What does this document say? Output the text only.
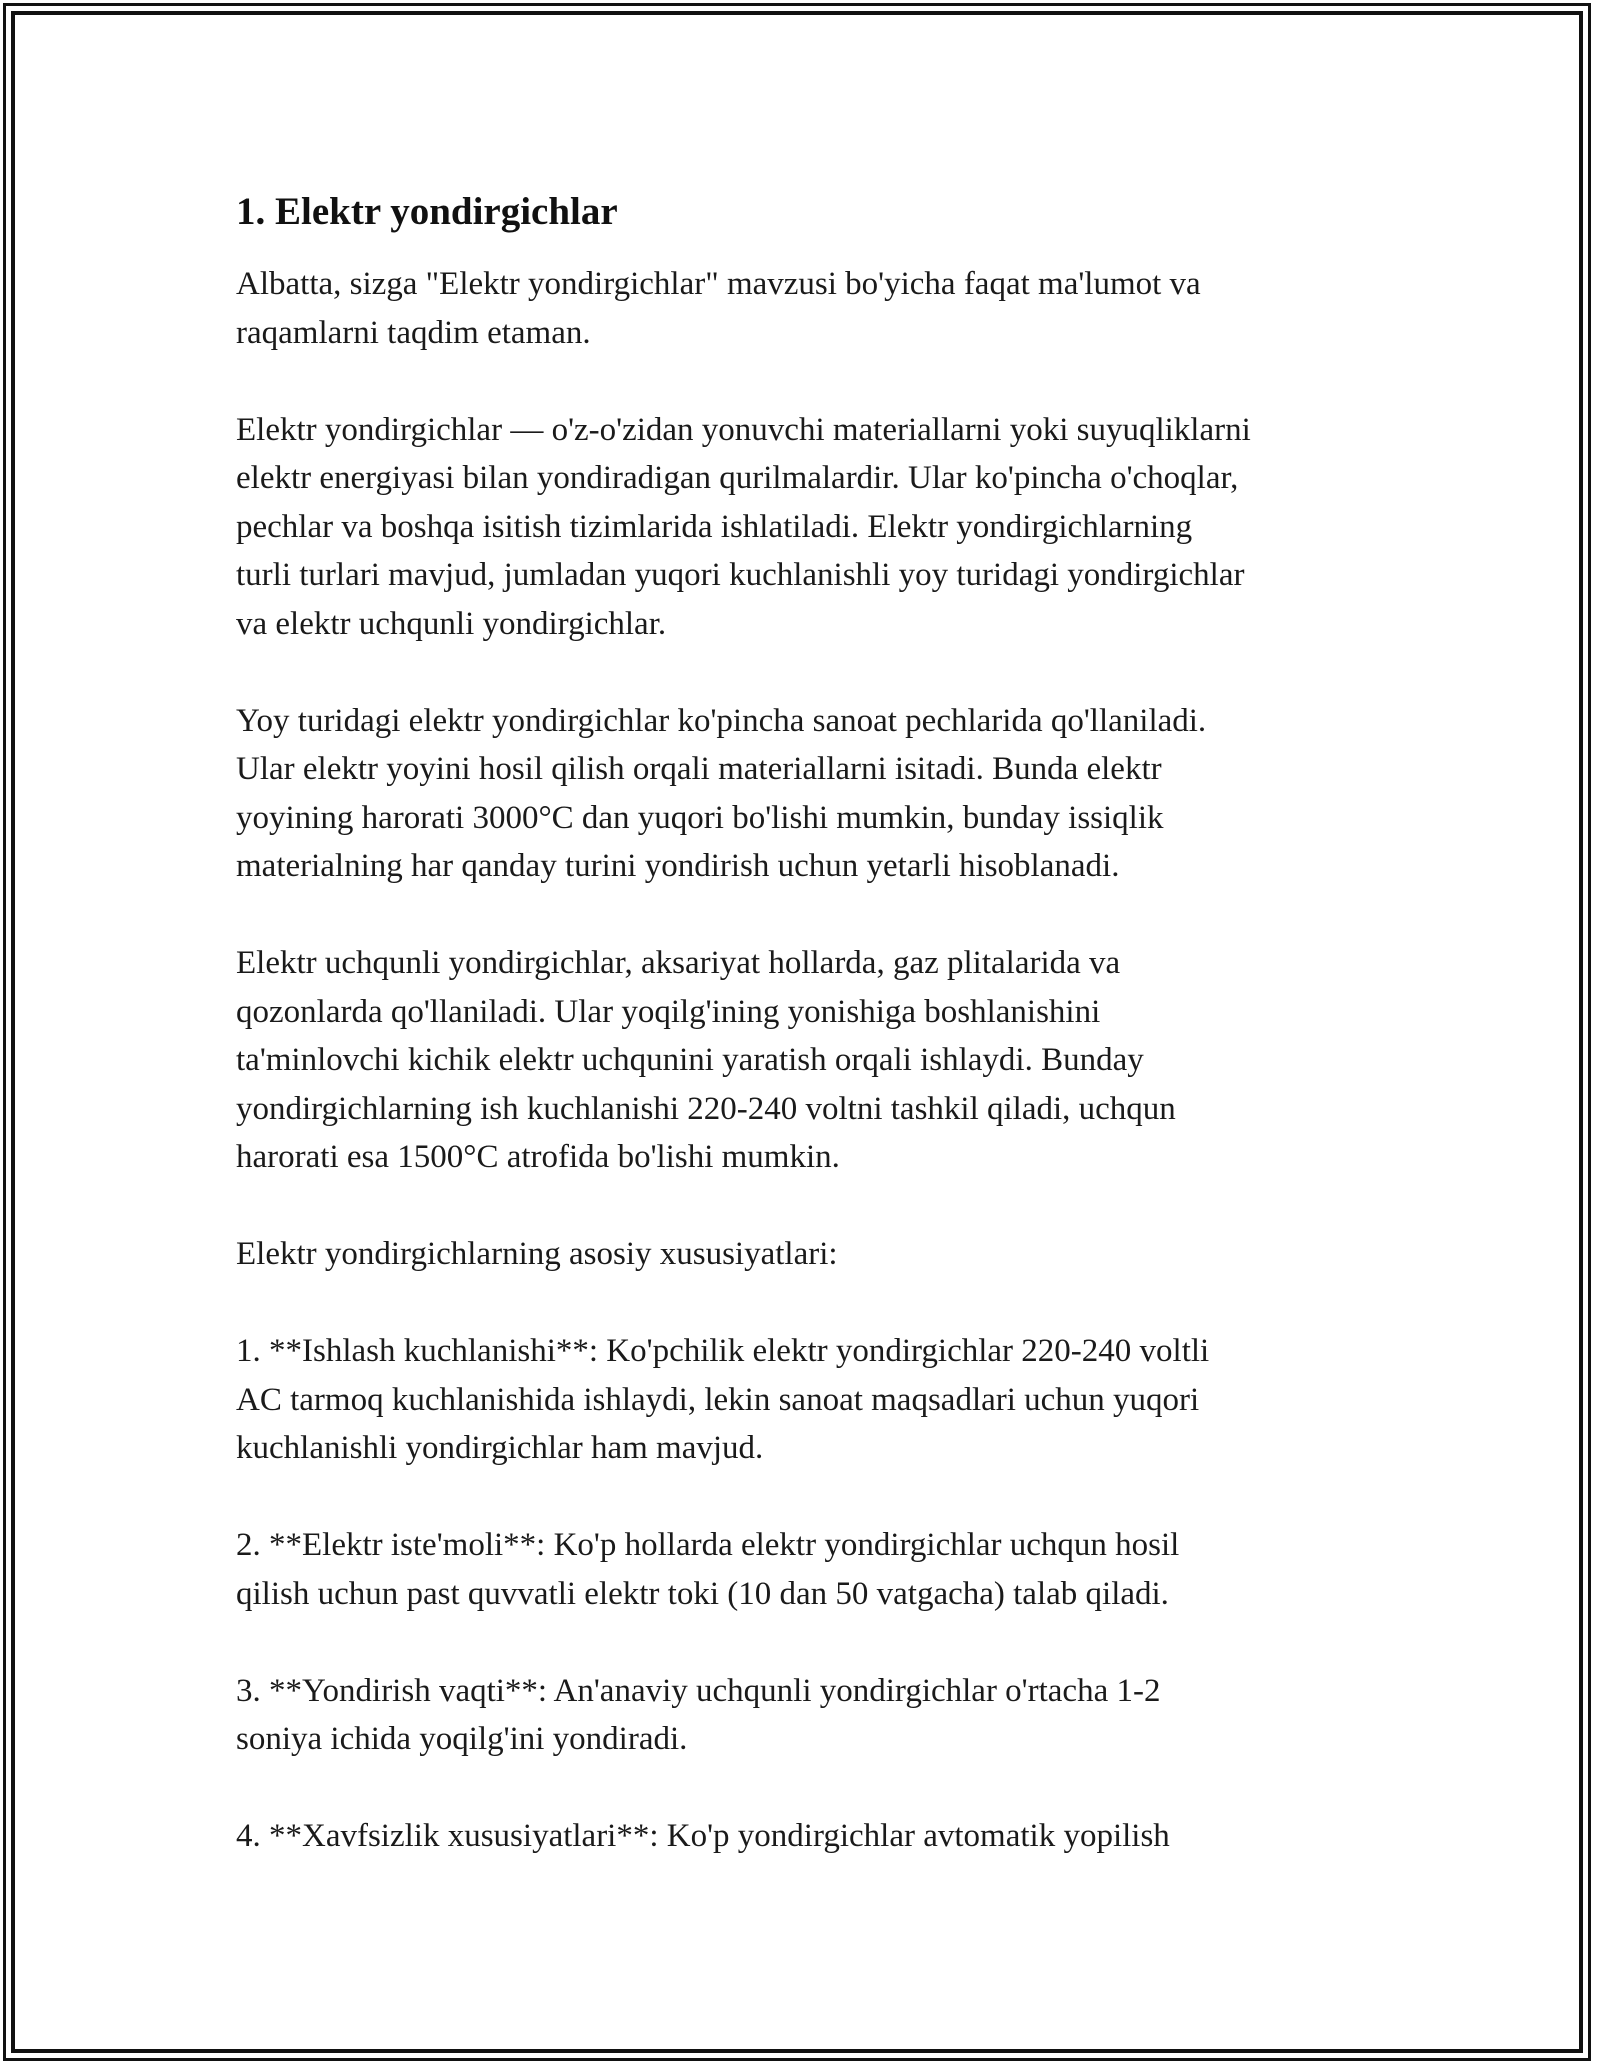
1. Elektr yondirgichlar

Albatta, sizga "Elektr yondirgichlar" mavzusi bo'yicha faqat ma'lumot va
raqamlarni taqdim etaman.

Elektr yondirgichlar — o'z-o'zidan yonuvchi materiallarni yoki suyuqliklarni
elektr energiyasi bilan yondiradigan qurilmalardir. Ular ko'pincha o'choqlar,
pechlar va boshqa isitish tizimlarida ishlatiladi. Elektr yondirgichlarning
turli turlari mavjud, jumladan yuqori kuchlanishli yoy turidagi yondirgichlar
va elektr uchqunli yondirgichlar.

Yoy turidagi elektr yondirgichlar ko'pincha sanoat pechlarida qo'llaniladi.
Ular elektr yoyini hosil qilish orqali materiallarni isitadi. Bunda elektr
yoyining harorati 3000°C dan yuqori bo'lishi mumkin, bunday issiqlik
materialning har qanday turini yondirish uchun yetarli hisoblanadi.

Elektr uchqunli yondirgichlar, aksariyat hollarda, gaz plitalarida va
qozonlarda qo'llaniladi. Ular yoqilg'ining yonishiga boshlanishini
ta'minlovchi kichik elektr uchqunini yaratish orqali ishlaydi. Bunday
yondirgichlarning ish kuchlanishi 220-240 voltni tashkil qiladi, uchqun
harorati esa 1500°C atrofida bo'lishi mumkin.

Elektr yondirgichlarning asosiy xususiyatlari:

1. **Ishlash kuchlanishi**: Ko'pchilik elektr yondirgichlar 220-240 voltli
AC tarmoq kuchlanishida ishlaydi, lekin sanoat maqsadlari uchun yuqori
kuchlanishli yondirgichlar ham mavjud.

2. **Elektr iste'moli**: Ko'p hollarda elektr yondirgichlar uchqun hosil
qilish uchun past quvvatli elektr toki (10 dan 50 vatgacha) talab qiladi.

3. **Yondirish vaqti**: An'anaviy uchqunli yondirgichlar o'rtacha 1-2
soniya ichida yoqilg'ini yondiradi.

4. **Xavfsizlik xususiyatlari**: Ko'p yondirgichlar avtomatik yopilish
